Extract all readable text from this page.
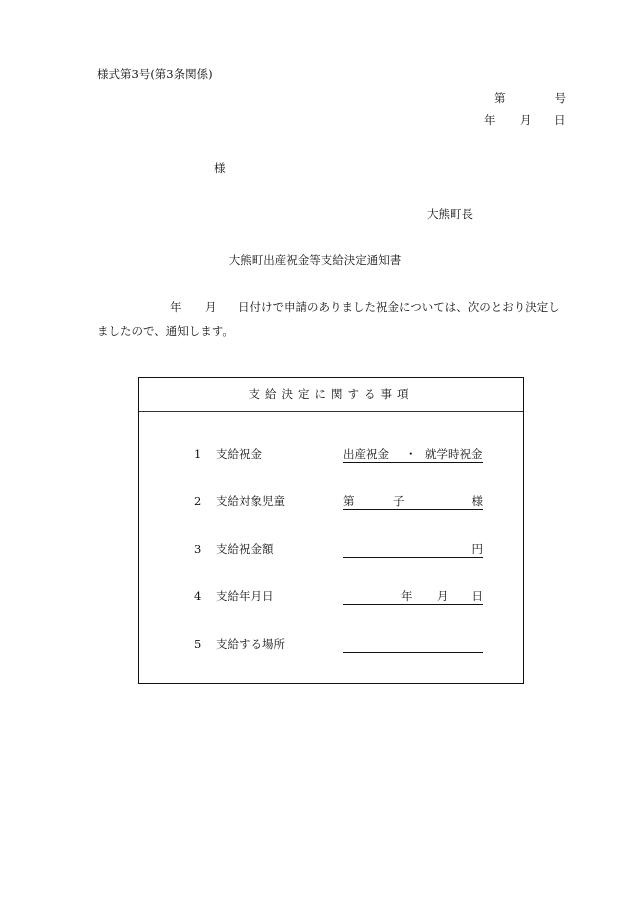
様式第3号(第3条関係)
第	号
年 月 日
様
大熊町長
大熊町出産祝金等支給決定通知書
年 月 日付けで申請のありました祝金については、次のとおり決定し
ましたので、通知します。
支給決定に関する事項
1 支給祝金	出産祝金 ・ 就学時祝金
2 支給対象児童	第	子	様
3 支給祝金額	円
4 支給年月日	年 月 日
5 支給する場所
